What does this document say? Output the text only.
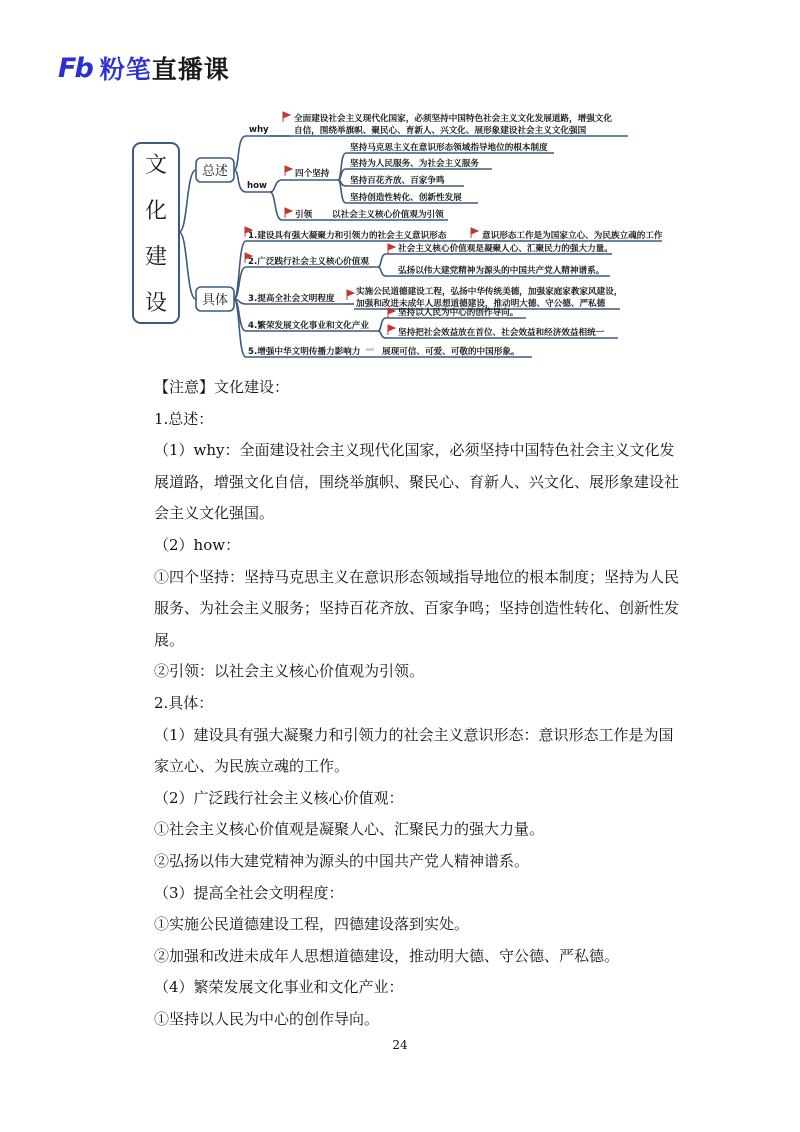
Fb 粉笔直播课
文
化
建
设
总述
具体
why
全面建设社会主义现代化国家，必须坚持中国特色社会主义文化发展道路，增强文化
自信，围绕举旗帜、聚民心、育新人、兴文化、展形象建设社会主义文化强国
how
四个坚持
坚持马克思主义在意识形态领域指导地位的根本制度
坚持为人民服务、为社会主义服务
坚持百花齐放、百家争鸣
坚持创造性转化、创新性发展
引领 以社会主义核心价值观为引领
1.建设具有强大凝聚力和引领力的社会主义意识形态	意识形态工作是为国家立心、为民族立魂的工作
2.广泛践行社会主义核心价值观
社会主义核心价值观是凝聚人心、汇聚民力的强大力量。
弘扬以伟大建党精神为源头的中国共产党人精神谱系。
3.提高全社会文明程度
实施公民道德建设工程，弘扬中华传统美德，加强家庭家教家风建设，
加强和改进未成年人思想道德建设，推动明大德、守公德、严私德
4.繁荣发展文化事业和文化产业
坚持以人民为中心的创作导向。
坚持把社会效益放在首位、社会效益和经济效益相统一
5.增强中华文明传播力影响力	展现可信、可爱、可敬的中国形象。

【注意】文化建设：

1.总述：

（1）why：全面建设社会主义现代化国家，必须坚持中国特色社会主义文化发展道路，增强文化自信，围绕举旗帜、聚民心、育新人、兴文化、展形象建设社会主义文化强国。

（2）how：

①四个坚持：坚持马克思主义在意识形态领域指导地位的根本制度；坚持为人民服务、为社会主义服务；坚持百花齐放、百家争鸣；坚持创造性转化、创新性发展。

②引领：以社会主义核心价值观为引领。

2.具体：

（1）建设具有强大凝聚力和引领力的社会主义意识形态：意识形态工作是为国家立心、为民族立魂的工作。

（2）广泛践行社会主义核心价值观：

①社会主义核心价值观是凝聚人心、汇聚民力的强大力量。

②弘扬以伟大建党精神为源头的中国共产党人精神谱系。

（3）提高全社会文明程度：

①实施公民道德建设工程，四德建设落到实处。

②加强和改进未成年人思想道德建设，推动明大德、守公德、严私德。

（4）繁荣发展文化事业和文化产业：

①坚持以人民为中心的创作导向。

24
